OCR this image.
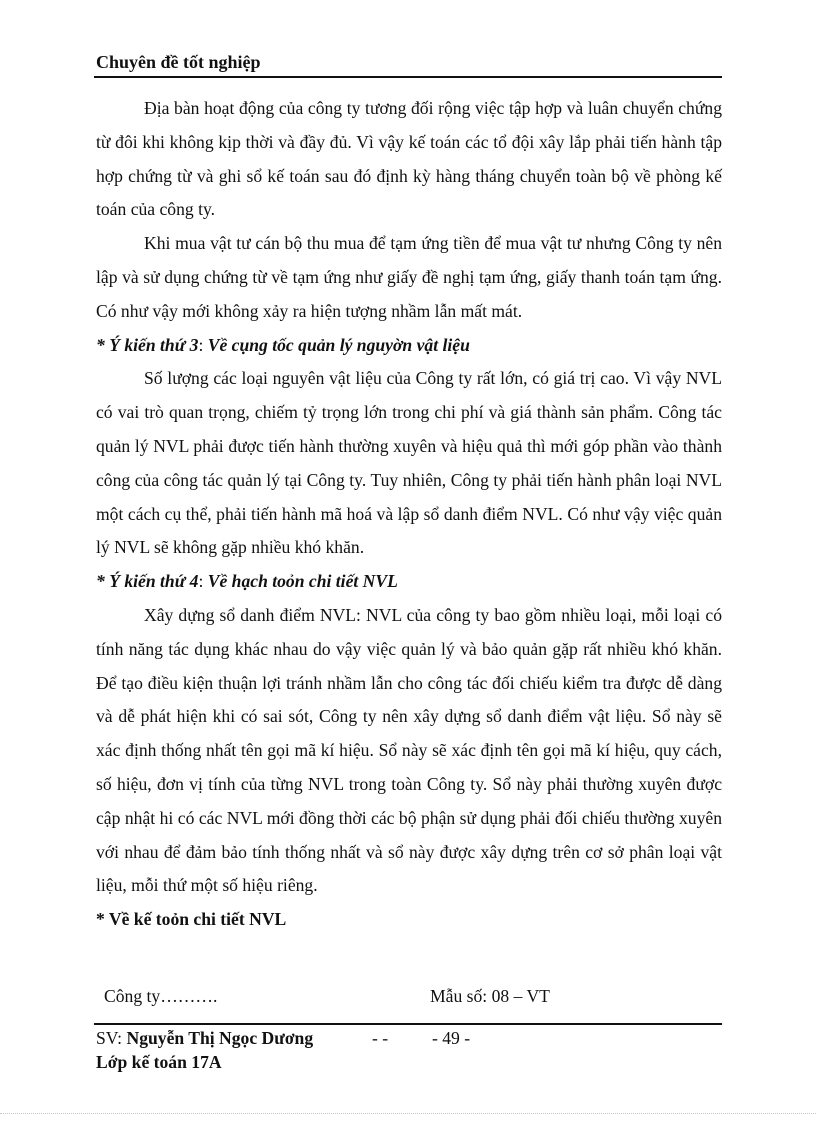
Chuyên đề tốt nghiệp

Địa bàn hoạt động của công ty tương đối rộng việc tập hợp và luân chuyển chứng từ đôi khi không kịp thời và đầy đủ. Vì vậy kế toán các tổ đội xây lắp phải tiến hành tập hợp chứng từ và ghi sổ kế toán sau đó định kỳ hàng tháng chuyển toàn bộ về phòng kế toán của công ty.

Khi mua vật tư cán bộ thu mua để tạm ứng tiền để mua vật tư nhưng Công ty nên lập và sử dụng chứng từ về tạm ứng như giấy đề nghị tạm ứng, giấy thanh toán tạm ứng. Có như vậy mới không xảy ra hiện tượng nhầm lẫn mất mát.

* Ý kiến thứ 3: Về cụng tốc quản lý nguyờn vật liệu

Số lượng các loại nguyên vật liệu của Công ty rất lớn, có giá trị cao. Vì vậy NVL có vai trò quan trọng, chiếm tỷ trọng lớn trong chi phí và giá thành sản phẩm. Công tác quản lý NVL phải được tiến hành thường xuyên và hiệu quả thì mới góp phần vào thành công của công tác quản lý tại Công ty. Tuy nhiên, Công ty phải tiến hành phân loại NVL một cách cụ thể, phải tiến hành mã hoá và lập sổ danh điểm NVL. Có như vậy việc quản lý NVL sẽ không gặp nhiều khó khăn.

* Ý kiến thứ 4: Về hạch toỏn chi tiết NVL

Xây dựng sổ danh điểm NVL: NVL của công ty bao gồm nhiều loại, mỗi loại có tính năng tác dụng khác nhau do vậy việc quản lý và bảo quản gặp rất nhiều khó khăn. Để tạo điều kiện thuận lợi tránh nhầm lẫn cho công tác đối chiếu kiểm tra được dễ dàng và dễ phát hiện khi có sai sót, Công ty nên xây dựng sổ danh điểm vật liệu. Sổ này sẽ xác định thống nhất tên gọi mã kí hiệu. Sổ này sẽ xác định tên gọi mã kí hiệu, quy cách, số hiệu, đơn vị tính của từng NVL trong toàn Công ty. Sổ này phải thường xuyên được cập nhật hi có các NVL mới đồng thời các bộ phận sử dụng phải đối chiếu thường xuyên với nhau để đảm bảo tính thống nhất và sổ này được xây dựng trên cơ sở phân loại vật liệu, mỗi thứ một số hiệu riêng.

* Về kế toỏn chi tiết NVL

Công ty……….	Mẫu số: 08 – VT
SV: Nguyễn Thị Ngọc Dương	- - - 49 -
Lớp kế toán 17A
